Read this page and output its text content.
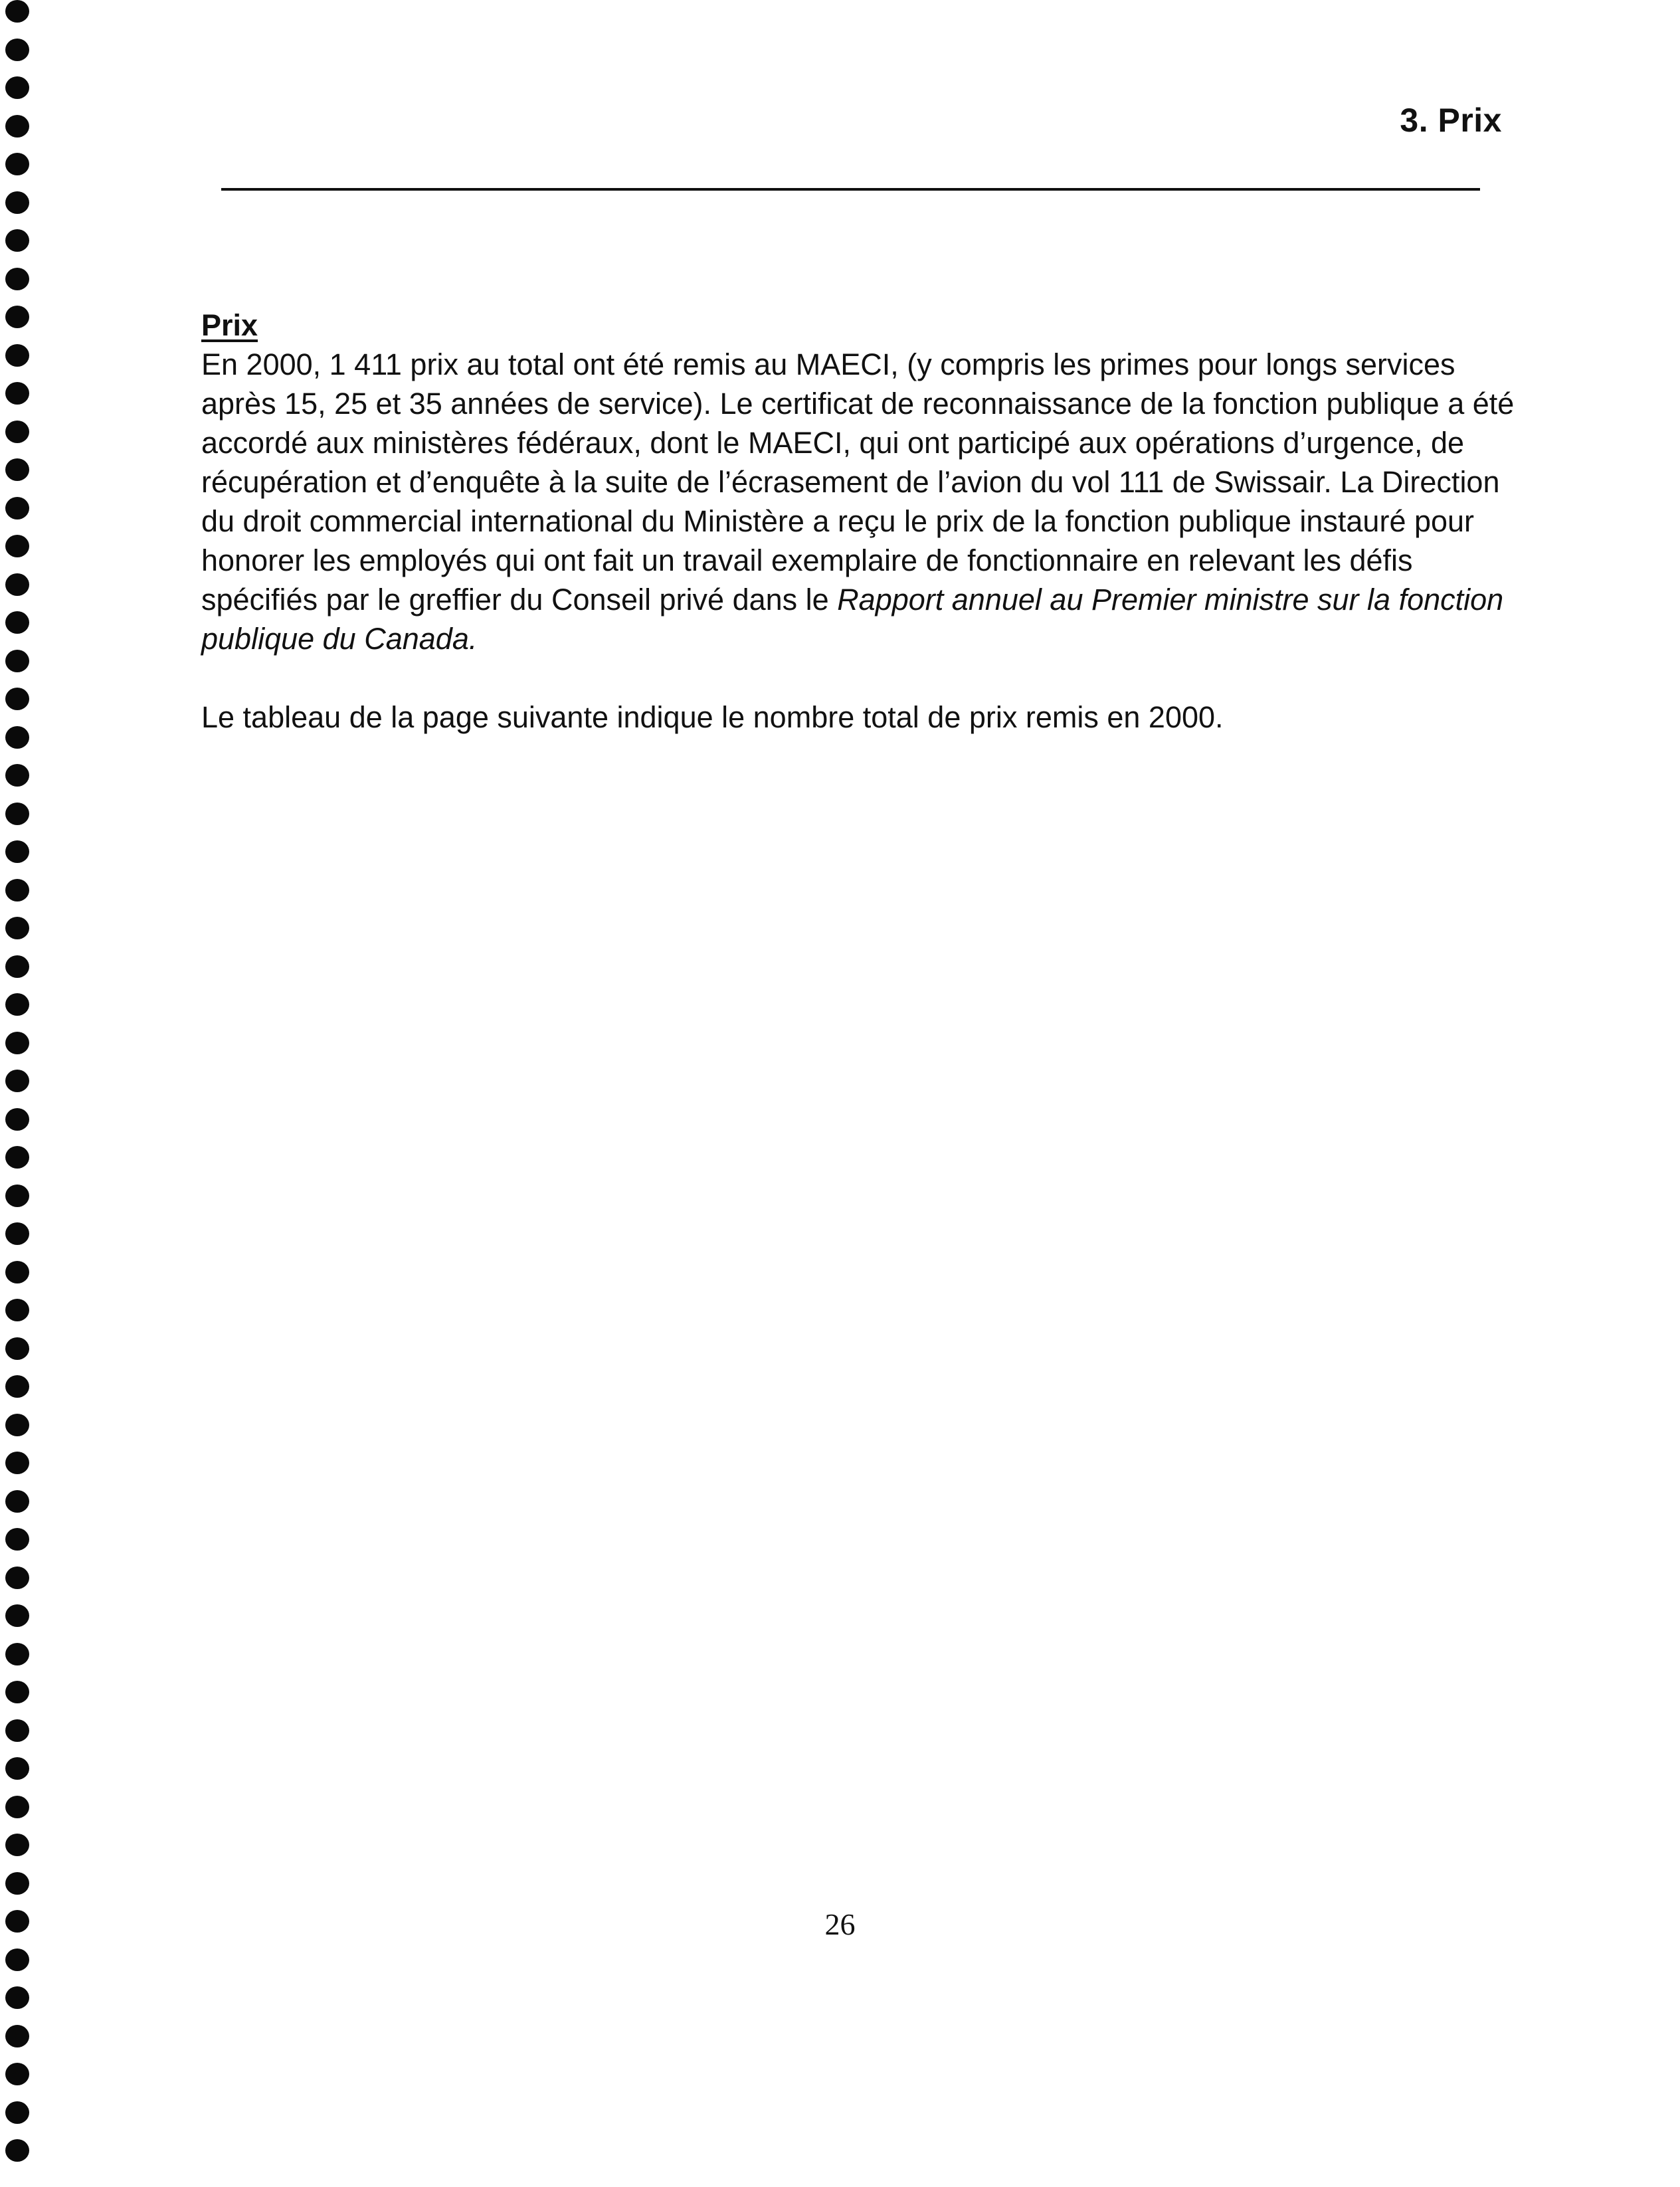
3. Prix
Prix

En 2000, 1 411 prix au total ont été remis au MAECI, (y compris les primes pour longs services après 15, 25 et 35 années de service). Le certificat de reconnaissance de la fonction publique a été accordé aux ministères fédéraux, dont le MAECI, qui ont participé aux opérations d’urgence, de récupération et d’enquête à la suite de l’écrasement de l’avion du vol 111 de Swissair. La Direction du droit commercial international du Ministère a reçu le prix de la fonction publique instauré pour honorer les employés qui ont fait un travail exemplaire de fonctionnaire en relevant les défis spécifiés par le greffier du Conseil privé dans le Rapport annuel au Premier ministre sur la fonction publique du Canada.

Le tableau de la page suivante indique le nombre total de prix remis en 2000.

26
